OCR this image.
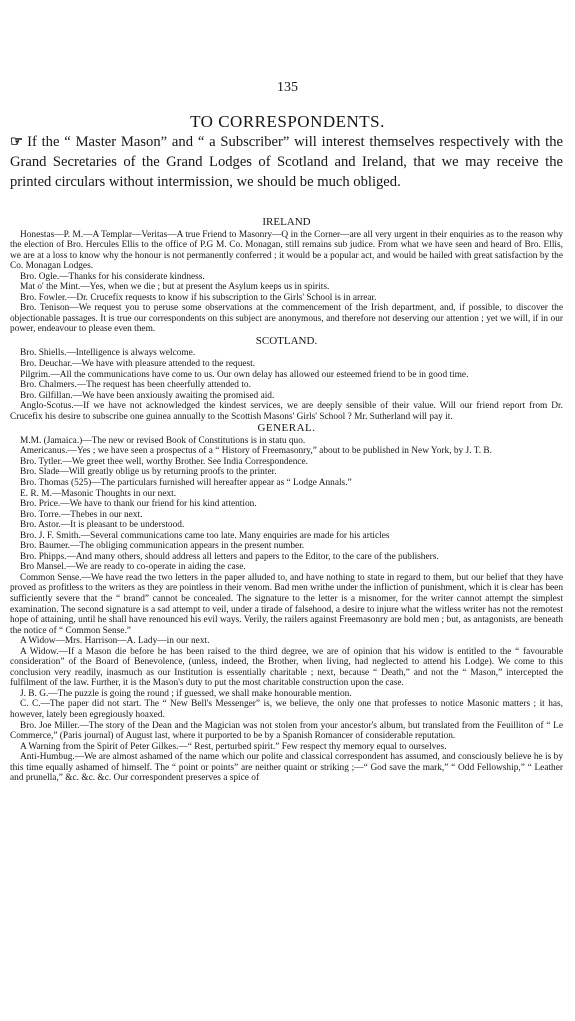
135
TO CORRESPONDENTS.
☞ If the “ Master Mason” and “ a Subscriber” will interest themselves respectively with the Grand Secretaries of the Grand Lodges of Scotland and Ireland, that we may receive the printed circulars without intermission, we should be much obliged.
IRELAND

Honestas—P. M.—A Templar—Veritas—A true Friend to Masonry—Q in the Corner—are all very urgent in their enquiries as to the reason why the election of Bro. Hercules Ellis to the office of P.G M. Co. Monagan, still remains sub judice. From what we have seen and heard of Bro. Ellis, we are at a loss to know why the honour is not permanently conferred ; it would be a popular act, and would be hailed with great satisfaction by the Co. Monagan Lodges.

Bro. Ogle.—Thanks for his considerate kindness.

Mat o' the Mint.—Yes, when we die ; but at present the Asylum keeps us in spirits.

Bro. Fowler.—Dr. Crucefix requests to know if his subscription to the Girls' School is in arrear.

Bro. Tenison—We request you to peruse some observations at the commencement of the Irish department, and, if possible, to discover the objectionable passages. It is true our correspondents on this subject are anonymous, and therefore not deserving our attention ; yet we will, if in our power, endeavour to please even them.

SCOTLAND.

Bro. Shiells.—Intelligence is always welcome.

Bro. Deuchar.—We have with pleasure attended to the request.

Pilgrim.—All the communications have come to us. Our own delay has allowed our esteemed friend to be in good time.

Bro. Chalmers.—The request has been cheerfully attended to.

Bro. Gilfillan.—We have been anxiously awaiting the promised aid.

Anglo-Scotus.—If we have not acknowledged the kindest services, we are deeply sensible of their value. Will our friend report from Dr. Crucefix his desire to subscribe one guinea annually to the Scottish Masons' Girls' School ? Mr. Sutherland will pay it.

GENERAL.

M.M. (Jamaica.)—The new or revised Book of Constitutions is in statu quo.

Americanus.—Yes ; we have seen a prospectus of a “ History of Freemasonry,” about to be published in New York, by J. T. B.

Bro. Tytler.—We greet thee well, worthy Brother. See India Correspondence.

Bro. Slade—Will greatly oblige us by returning proofs to the printer.

Bro. Thomas (525)—The particulars furnished will hereafter appear as “ Lodge Annals.”

E. R. M.—Masonic Thoughts in our next.

Bro. Price.—We have to thank our friend for his kind attention.

Bro. Torre.—Thebes in our next.

Bro. Astor.—It is pleasant to be understood.

Bro. J. F. Smith.—Several communications came too late. Many enquiries are made for his articles

Bro. Baumer.—The obliging communication appears in the present number.

Bro. Phipps.—And many others, should address all letters and papers to the Editor, to the care of the publishers.

Bro Mansel.—We are ready to co-operate in aiding the case.

Common Sense.—We have read the two letters in the paper alluded to, and have nothing to state in regard to them, but our belief that they have proved as profitless to the writers as they are pointless in their venom. Bad men writhe under the infliction of punishment, which it is clear has been sufficiently severe that the “ brand” cannot be concealed. The signature to the letter is a misnomer, for the writer cannot attempt the simplest examination. The second signature is a sad attempt to veil, under a tirade of falsehood, a desire to injure what the witless writer has not the remotest hope of attaining, until he shall have renounced his evil ways. Verily, the railers against Freemasonry are bold men ; but, as antagonists, are beneath the notice of “ Common Sense.”

A Widow—Mrs. Harrison—A. Lady—in our next.

A Widow.—If a Mason die before he has been raised to the third degree, we are of opinion that his widow is entitled to the “ favourable consideration” of the Board of Benevolence, (unless, indeed, the Brother, when living, had neglected to attend his Lodge). We come to this conclusion very readily, inasmuch as our Institution is essentially charitable ; next, because “ Death,” and not the “ Mason,” intercepted the fulfilment of the law. Further, it is the Mason's duty to put the most charitable construction upon the case.

J. B. G.—The puzzle is going the round ; if guessed, we shall make honourable mention.

C. C.—The paper did not start. The “ New Bell's Messenger” is, we believe, the only one that professes to notice Masonic matters ; it has, however, lately been egregiously hoaxed.

Bro. Joe Miller.—The story of the Dean and the Magician was not stolen from your ancestor's album, but translated from the Feuilliton of “ Le Commerce,” (Paris journal) of August last, where it purported to be by a Spanish Romancer of considerable reputation.

A Warning from the Spirit of Peter Gilkes.—“ Rest, perturbed spirit.” Few respect thy memory equal to ourselves.

Anti-Humbug.—We are almost ashamed of the name which our polite and classical correspondent has assumed, and consciously believe he is by this time equally ashamed of himself. The “ point or points” are neither quaint or striking ;—“ God save the mark,” “ Odd Fellowship,” “ Leather and prunella,” &c. &c. &c. Our correspondent preserves a spice of
